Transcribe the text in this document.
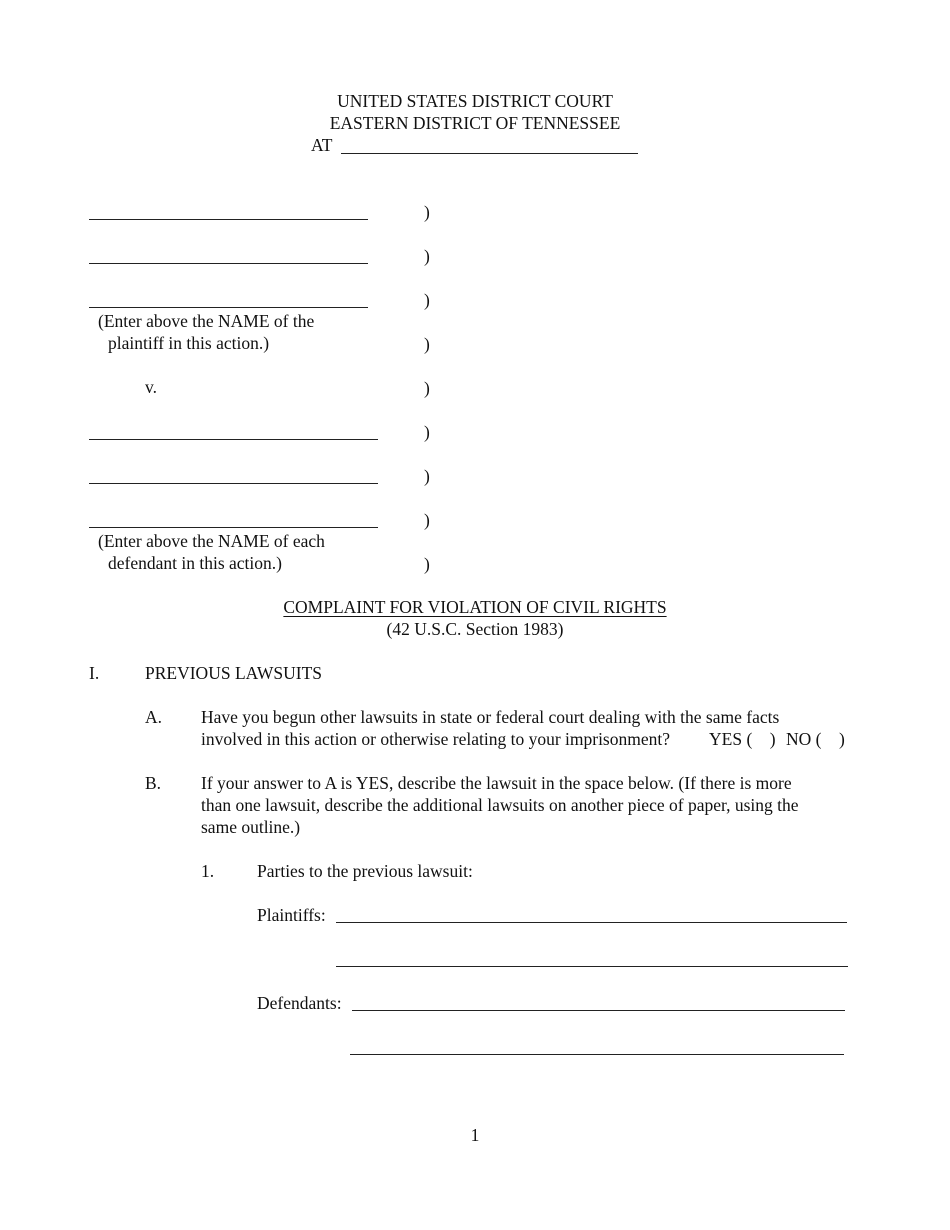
UNITED STATES DISTRICT COURT
EASTERN DISTRICT OF TENNESSEE
AT
(Enter above the NAME of the
plaintiff in this action.)
v.
(Enter above the NAME of each
defendant in this action.)
)
)
)
)
)
)
)
)
)
COMPLAINT FOR VIOLATION OF CIVIL RIGHTS
(42 U.S.C. Section 1983)
I.	PREVIOUS LAWSUITS
A. Have you begun other lawsuits in state or federal court dealing with the same facts
involved in this action or otherwise relating to your imprisonment? YES (    ) NO (    )
B. If your answer to A is YES, describe the lawsuit in the space below. (If there is more
than one lawsuit, describe the additional lawsuits on another piece of paper, using the
same outline.)
1. Parties to the previous lawsuit:
Plaintiffs:
Defendants:
1
